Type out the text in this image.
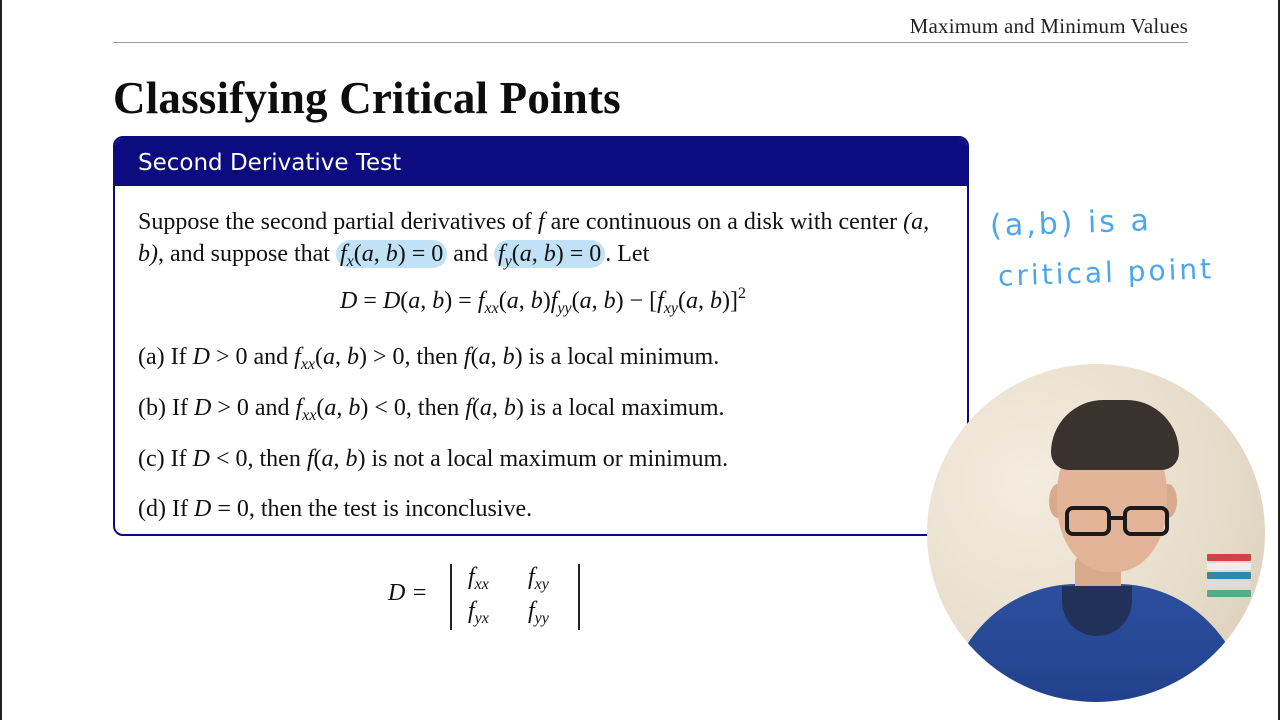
Maximum and Minimum Values
Classifying Critical Points
Second Derivative Test
Suppose the second partial derivatives of f are continuous on a disk with center (a, b), and suppose that $f_x(a$, b) = 0 and $f_y(a$, b) = 0 . Let
D = D(a, $b) = f_{xx}(a$, $b)f_{yy}(a$, $b) - [f_{xy}(a$, b)]$^2$
(a) If D > 0 and $f_{xx}(a$, b) > 0, then f(a, b) is a local minimum.
(b) If D > 0 and $f_{xx}(a$, b) < 0, then f(a, b) is a local maximum.
(c) If D < 0, then f(a, b) is not a local maximum or minimum.
(d) If D = 0, then the test is inconclusive.
(a,b) is a
critical point
D =
$f_{xx}$ $f_{xy}$
$f_{yx}$ $f_{yy}$
